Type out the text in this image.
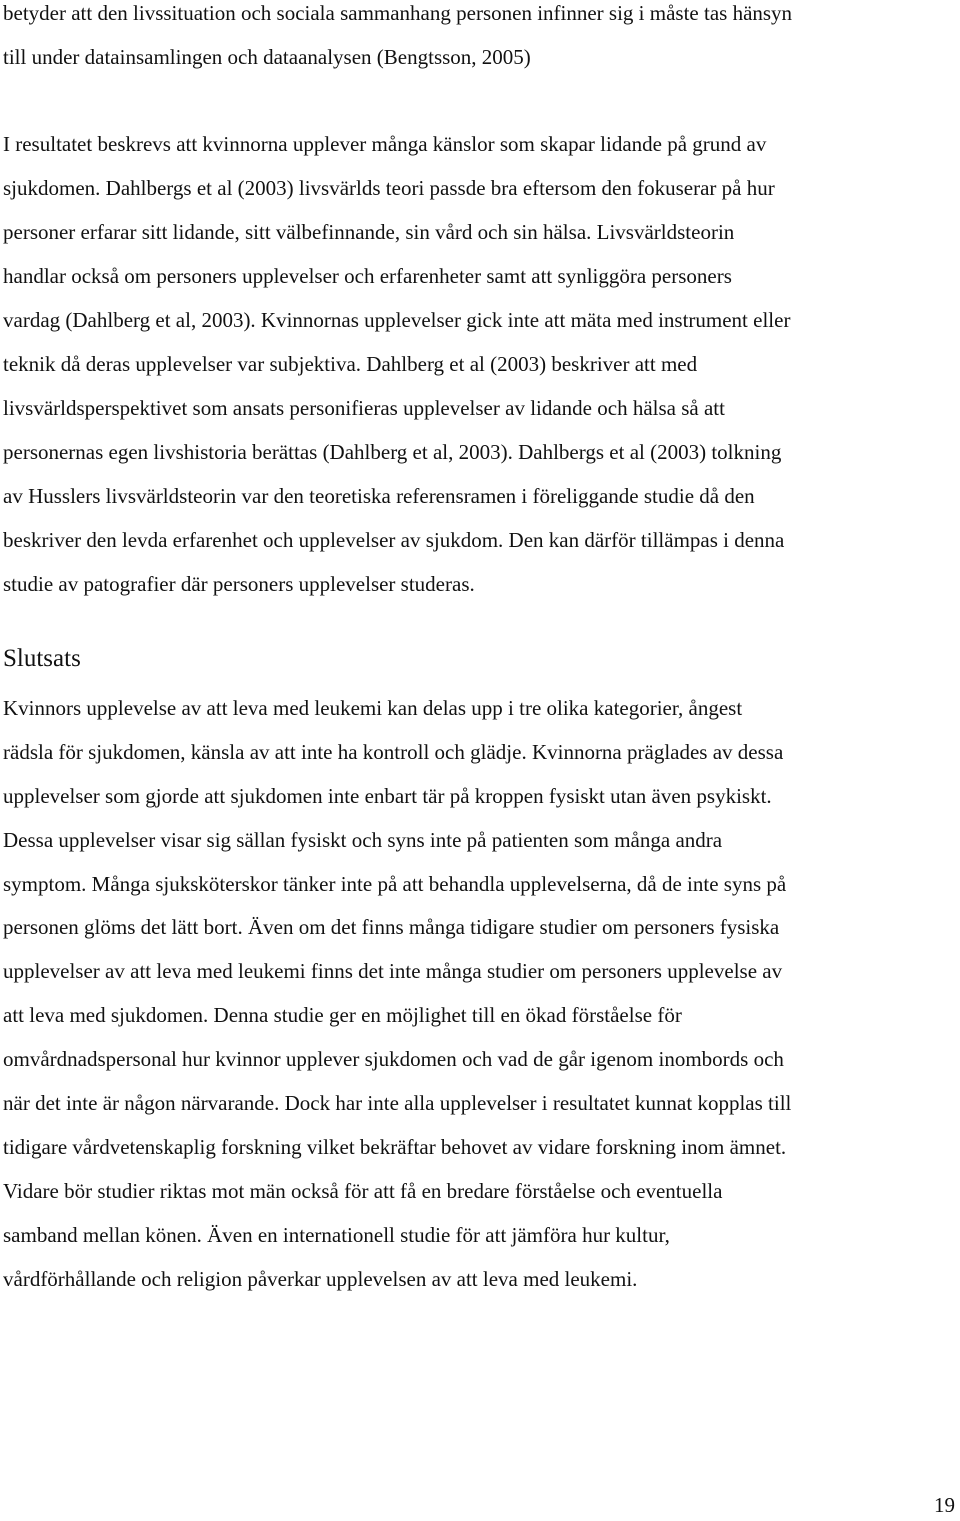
betyder att den livssituation och sociala sammanhang personen infinner sig i måste tas hänsyn

till under datainsamlingen och dataanalysen (Bengtsson, 2005)

I resultatet beskrevs att kvinnorna upplever många känslor som skapar lidande på grund av

sjukdomen. Dahlbergs et al (2003) livsvärlds teori passde bra eftersom den fokuserar på hur

personer erfarar sitt lidande, sitt välbefinnande, sin vård och sin hälsa. Livsvärldsteorin

handlar också om personers upplevelser och erfarenheter samt att synliggöra personers

vardag (Dahlberg et al, 2003). Kvinnornas upplevelser gick inte att mäta med instrument eller

teknik då deras upplevelser var subjektiva. Dahlberg et al (2003) beskriver att med

livsvärldsperspektivet som ansats personifieras upplevelser av lidande och hälsa så att

personernas egen livshistoria berättas (Dahlberg et al, 2003). Dahlbergs et al (2003) tolkning

av Husslers livsvärldsteorin var den teoretiska referensramen i föreliggande studie då den

beskriver den levda erfarenhet och upplevelser av sjukdom. Den kan därför tillämpas i denna

studie av patografier där personers upplevelser studeras.

Slutsats

Kvinnors upplevelse av att leva med leukemi kan delas upp i tre olika kategorier, ångest

rädsla för sjukdomen, känsla av att inte ha kontroll och glädje. Kvinnorna präglades av dessa

upplevelser som gjorde att sjukdomen inte enbart tär på kroppen fysiskt utan även psykiskt.

Dessa upplevelser visar sig sällan fysiskt och syns inte på patienten som många andra

symptom. Många sjuksköterskor tänker inte på att behandla upplevelserna, då de inte syns på

personen glöms det lätt bort. Även om det finns många tidigare studier om personers fysiska

upplevelser av att leva med leukemi finns det inte många studier om personers upplevelse av

att leva med sjukdomen. Denna studie ger en möjlighet till en ökad förståelse för

omvårdnadspersonal hur kvinnor upplever sjukdomen och vad de går igenom inombords och

när det inte är någon närvarande. Dock har inte alla upplevelser i resultatet kunnat kopplas till

tidigare vårdvetenskaplig forskning vilket bekräftar behovet av vidare forskning inom ämnet.

Vidare bör studier riktas mot män också för att få en bredare förståelse och eventuella

samband mellan könen. Även en internationell studie för att jämföra hur kultur,

vårdförhållande och religion påverkar upplevelsen av att leva med leukemi.

19
